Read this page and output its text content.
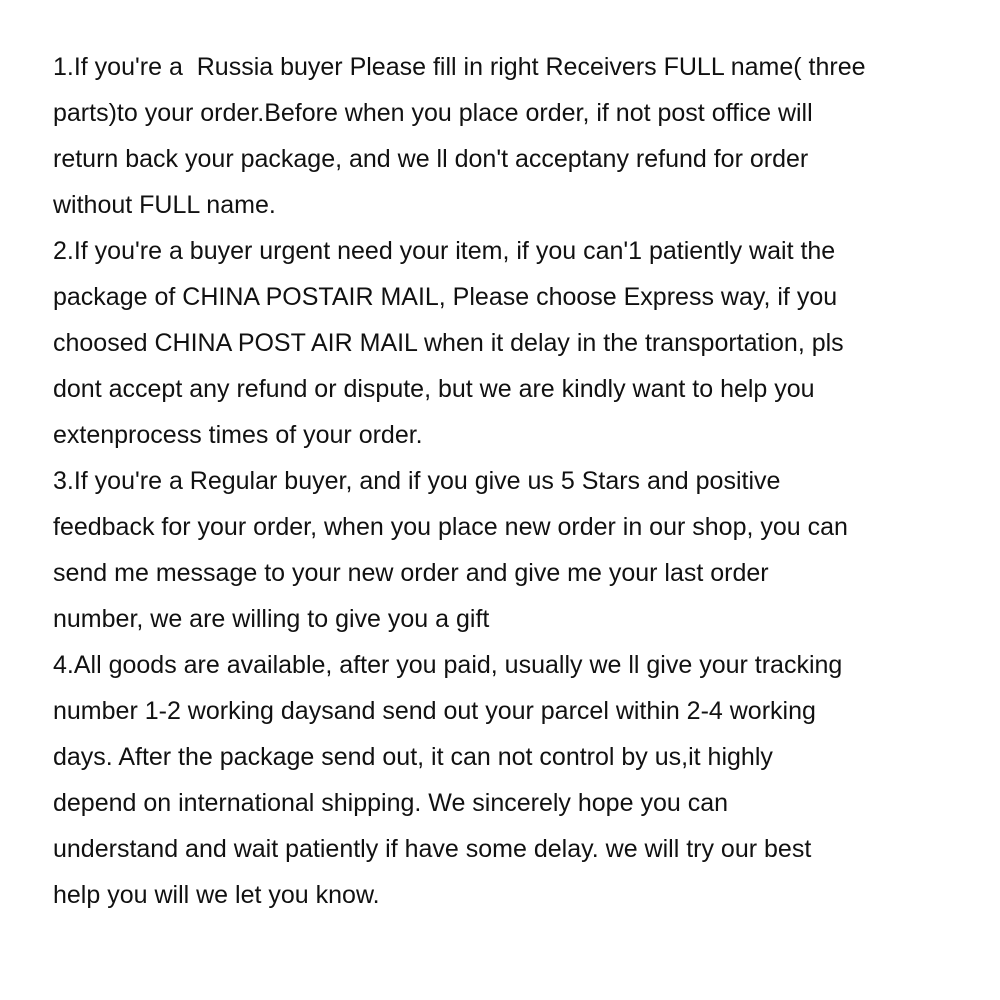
1.If you're a  Russia buyer Please fill in right Receivers FULL name( three
parts)to your order.Before when you place order, if not post office will
return back your package, and we ll don't acceptany refund for order
without FULL name.
2.If you're a buyer urgent need your item, if you can'1 patiently wait the
package of CHINA POSTAIR MAIL, Please choose Express way, if you
choosed CHINA POST AIR MAIL when it delay in the transportation, pls
dont accept any refund or dispute, but we are kindly want to help you
extenprocess times of your order.
3.If you're a Regular buyer, and if you give us 5 Stars and positive
feedback for your order, when you place new order in our shop, you can
send me message to your new order and give me your last order
number, we are willing to give you a gift
4.All goods are available, after you paid, usually we ll give your tracking
number 1-2 working daysand send out your parcel within 2-4 working
days. After the package send out, it can not control by us,it highly
depend on international shipping. We sincerely hope you can
understand and wait patiently if have some delay. we will try our best
help you will we let you know.
